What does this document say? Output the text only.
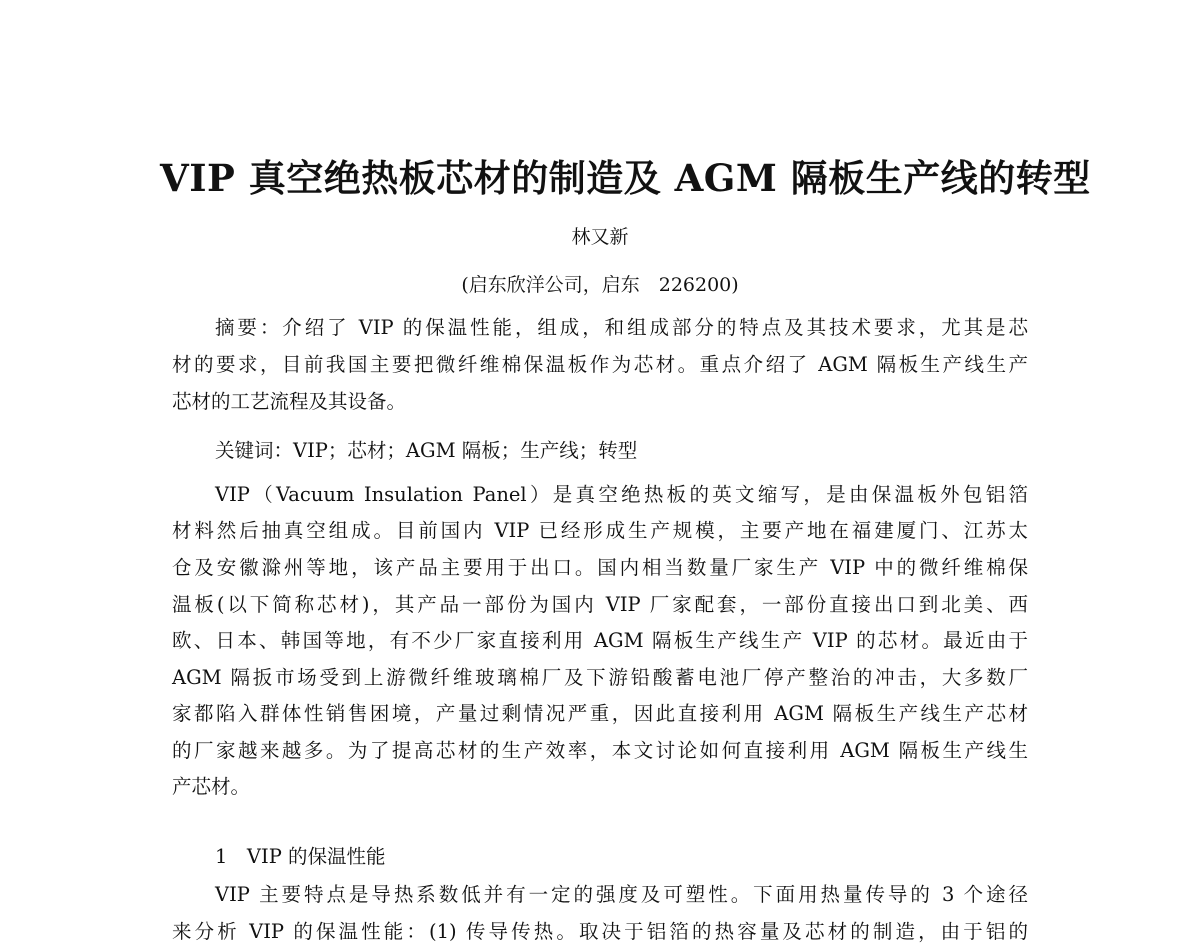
VIP 真空绝热板芯材的制造及 AGM 隔板生产线的转型
林又新
(启东欣洋公司，启东　226200)
摘要：介绍了 VIP 的保温性能，组成，和组成部分的特点及其技术要求，尤其是芯
材的要求，目前我国主要把微纤维棉保温板作为芯材。重点介绍了 AGM 隔板生产线生产
芯材的工艺流程及其设备。
关键词：VIP；芯材；AGM 隔板；生产线；转型
VIP（Vacuum Insulation Panel）是真空绝热板的英文缩写，是由保温板外包铝箔
材料然后抽真空组成。目前国内 VIP 已经形成生产规模，主要产地在福建厦门、江苏太
仓及安徽滁州等地，该产品主要用于出口。国内相当数量厂家生产 VIP 中的微纤维棉保
温板(以下简称芯材)，其产品一部份为国内 VIP 厂家配套，一部份直接出口到北美、西
欧、日本、韩国等地，有不少厂家直接利用 AGM 隔板生产线生产 VIP 的芯材。最近由于
AGM 隔扳市场受到上游微纤维玻璃棉厂及下游铅酸蓄电池厂停产整治的冲击，大多数厂
家都陷入群体性销售困境，产量过剩情况严重，因此直接利用 AGM 隔板生产线生产芯材
的厂家越来越多。为了提高芯材的生产效率，本文讨论如何直接利用 AGM 隔板生产线生
产芯材。
1　VIP 的保温性能
VIP 主要特点是导热系数低并有一定的强度及可塑性。下面用热量传导的 3 个途径
来分析 VIP 的保温性能：(1) 传导传热。取决于铝箔的热容量及芯材的制造，由于铝的
